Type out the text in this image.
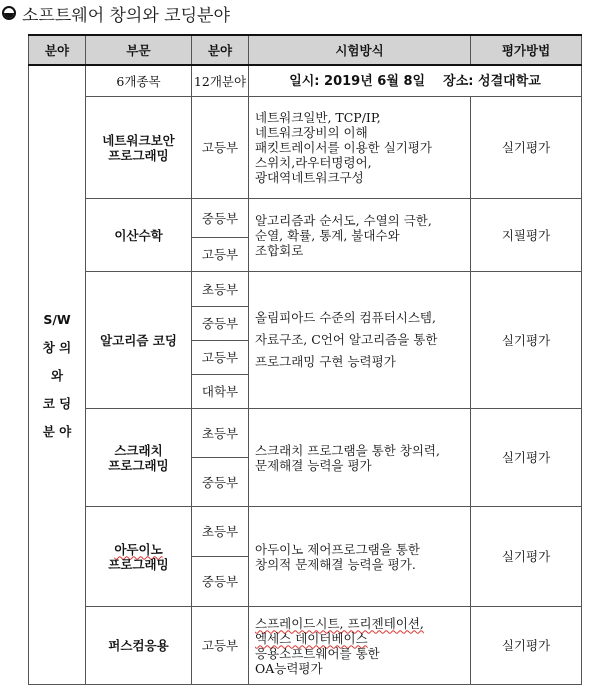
소프트웨어 창의와 코딩분야
분야	부문	분야	시험방식	평가방법

S/W
창 의
와
코 딩
분 야	6개종목	12개분야	일시: 2019년 6월 8일 장소: 성결대학교	

	네트워크보안
프로그래밍	고등부	네트워크일반, TCP/IP,
네트워크장비의 이해
패킷트레이서를 이용한 실기평가
스위치,라우터명령어,
광대역네트워크구성	실기평가

	이산수학	중등부	알고리즘과 순서도, 수열의 극한,
순열, 확률, 통계, 불대수와
조합회로	지필평가
		고등부		

	알고리즘 코딩	초등부	올림피아드 수준의 컴퓨터시스템,
자료구조, C언어 알고리즘을 통한
프로그래밍 구현 능력평가	실기평가
		중등부		
		고등부		
		대학부		

	스크래치
프로그래밍	초등부	스크래치 프로그램을 통한 창의력,
문제해결 능력을 평가	실기평가
		중등부		

	아두이노
프로그래밍	초등부	아두이노 제어프로그램을 통한
창의적 문제해결 능력을 평가.	실기평가
		중등부		

	퍼스컴응용	고등부	스프레이드시트, 프리젠테이션,
엑세스 데이터베이스
응용소프트웨어를 통한
OA능력평가	실기평가
